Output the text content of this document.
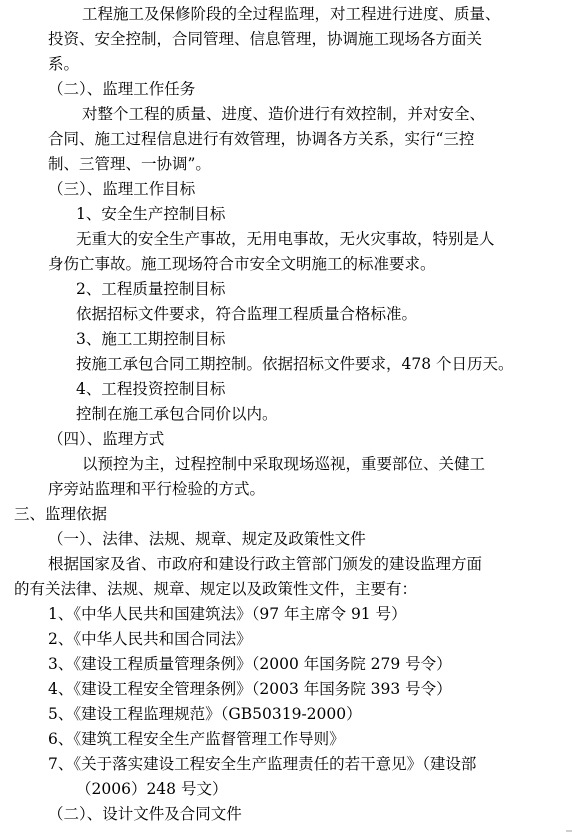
工程施工及保修阶段的全过程监理，对工程进行进度、质量、
投资、安全控制，合同管理、信息管理，协调施工现场各方面关
系。
（二）、监理工作任务
对整个工程的质量、进度、造价进行有效控制，并对安全、
合同、施工过程信息进行有效管理，协调各方关系，实行“三控
制、三管理、一协调”。
（三）、监理工作目标
1、安全生产控制目标
无重大的安全生产事故，无用电事故，无火灾事故，特别是人
身伤亡事故。施工现场符合市安全文明施工的标准要求。
2、工程质量控制目标
依据招标文件要求，符合监理工程质量合格标准。
3、施工工期控制目标
按施工承包合同工期控制。依据招标文件要求，478 个日历天。
4、工程投资控制目标
控制在施工承包合同价以内。
（四）、监理方式
以预控为主，过程控制中采取现场巡视，重要部位、关健工
序旁站监理和平行检验的方式。
三、监理依据
（一）、法律、法规、规章、规定及政策性文件
根据国家及省、市政府和建设行政主管部门颁发的建设监理方面
的有关法律、法规、规章、规定以及政策性文件，主要有：
1、《中华人民共和国建筑法》（97 年主席令 91 号）
2、《中华人民共和国合同法》
3、《建设工程质量管理条例》（2000 年国务院 279 号令）
4、《建设工程安全管理条例》（2003 年国务院 393 号令）
5、《建设工程监理规范》（GB50319-2000）
6、《建筑工程安全生产监督管理工作导则》
7、《关于落实建设工程安全生产监理责任的若干意见》（建设部
（2006）248 号文）
（二）、设计文件及合同文件
